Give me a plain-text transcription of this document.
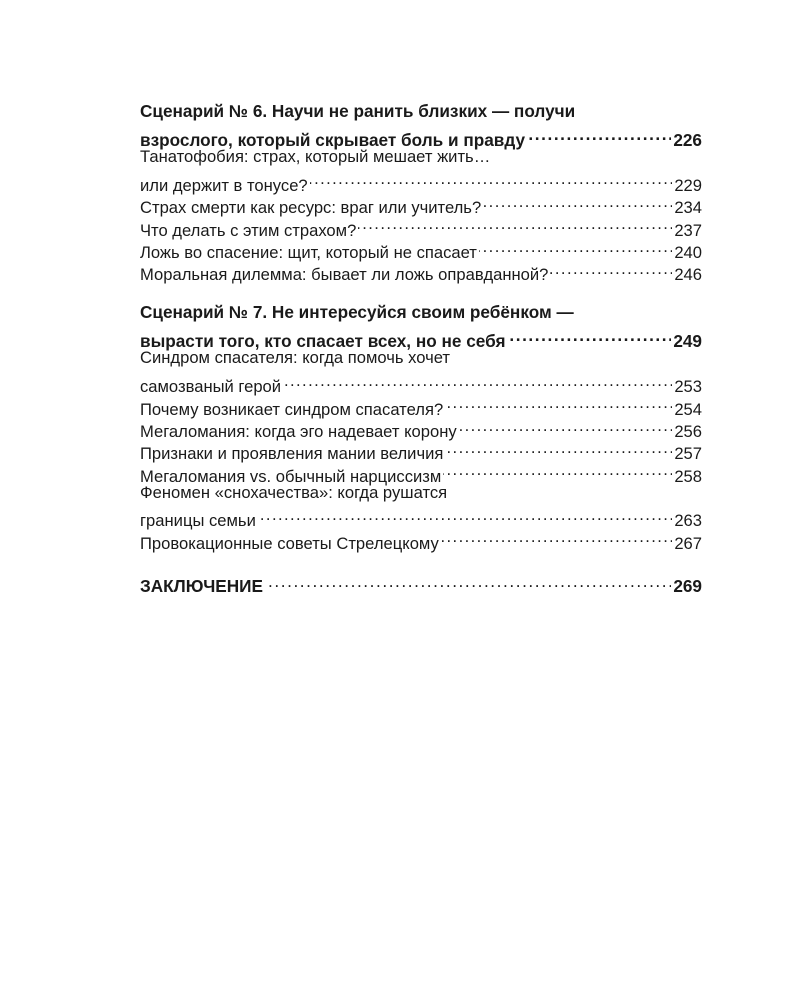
Сценарий № 6. Научи не ранить близких — получи
взрослого, который скрывает боль и правду . . .	226
Танатофобия: страх, который мешает жить…
или держит в тонусе? . . .	229
Страх смерти как ресурс: враг или учитель? . . .	234
Что делать с этим страхом? . . .	237
Ложь во спасение: щит, который не спасает . . .	240
Моральная дилемма: бывает ли ложь оправданной? . . .	246
Сценарий № 7. Не интересуйся своим ребёнком —
вырасти того, кто спасает всех, но не себя . . .	249
Синдром спасателя: когда помочь хочет
самозваный герой . . .	253
Почему возникает синдром спасателя? . . .	254
Мегаломания: когда эго надевает корону . . .	256
Признаки и проявления мании величия . . .	257
Мегаломания vs. обычный нарциссизм . . .	258
Феномен «снохачества»: когда рушатся
границы семьи . . .	263
Провокационные советы Стрелецкому . . .	267
ЗАКЛЮЧЕНИЕ . . .	269
